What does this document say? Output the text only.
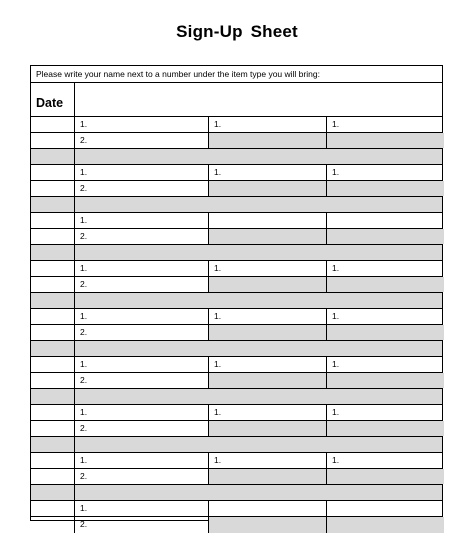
Sign-Up Sheet
Please write your name next to a number under the item type you will bring:
Date
1.	1.	1.
2.
1.	1.	1.
2.
1.
2.
1.	1.	1.
2.
1.	1.	1.
2.
1.	1.	1.
2.
1.	1.	1.
2.
1.	1.	1.
2.
1.
2.
